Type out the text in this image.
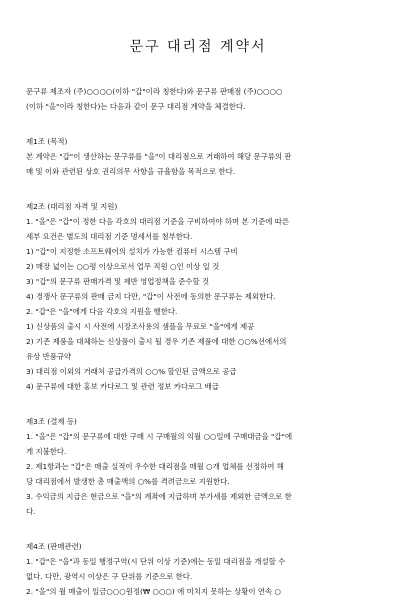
문구 대리점 계약서
문구류 제조자 (주)○○○○(이하 "갑"이라 칭한다)와 문구류 판매점 (주)○○○○
(이하 "을"이라 칭한다)는 다음과 같이 문구 대리점 계약을 체결한다.
제1조 (목적)
본 계약은 "갑"이 생산하는 문구류를 "을"이 대리점으로 거래하여 해당 문구류의 판
매 및 이와 관련된 상호 권리의무 사항을 규율함을 목적으로 한다.
제2조 (대리점 자격 및 지원)
1. "을"은 "갑"이 정한 다음 각호의 대리점 기준을 구비하여야 하며 본 기준에 따른
세부 요건은 별도의 대리점 기준 명세서를 첨부한다.
1) "갑"이 지정한 소프트웨어의 설치가 가능한 컴퓨터 시스템 구비
2) 매장 넓이는 ○○평 이상으로서 업무 직원 ○인 이상 일 것
3) "갑"의 문구류 판매가격 및 제반 영업정책을 준수할 것
4) 경쟁사 문구류의 판매 금지 다만, "갑"이 사전에 동의한 문구류는 제외한다.
2. "갑"은 "을"에게 다음 각호의 지원을 행한다.
1) 신상품의 출시 시 사전에 시장조사용의 샘플을 무료로 "을"에게 제공
2) 기존 제품을 대체하는 신상품이 출시 될 경우 기존 제품에 대한 ○○%선에서의
유상 반품규약
3) 대리점 이외의 거래처 공급가격의 ○○% 할인된 금액으로 공급
4) 문구류에 대한 홍보 카다로그 및 관련 정보 카다로그 배급
제3조 (결제 등)
1. "을"은 "갑"의 문구류에 대한 구매 시 구매월의 익월 ○○일에 구매대금을 "갑"에
게 지불한다.
2. 제1항과는 "갑"은 매출 실적이 우수한 대리점을 매월 ○개 업체를 선정하여 해
당 대리점에서 발생한 총 매출액의 ○%를 격려금으로 지원한다.
3. 수익금의 지급은 현금으로 "을"의 계좌에 지급하며 부가세를 제외한 금액으로 한
다.
제4조 (판매관련)
1. "갑"은 "을"과 동일 행정구역(시 단위 이상 기준)에는 동일 대리점을 개설할 수
없다. 다만, 광역시 이상은 구 단위를 기준으로 한다.
2. "을"의 월 매출이 일금○○○원정(₩ ○○○) 에 미치지 못하는 상황이 연속 ○
